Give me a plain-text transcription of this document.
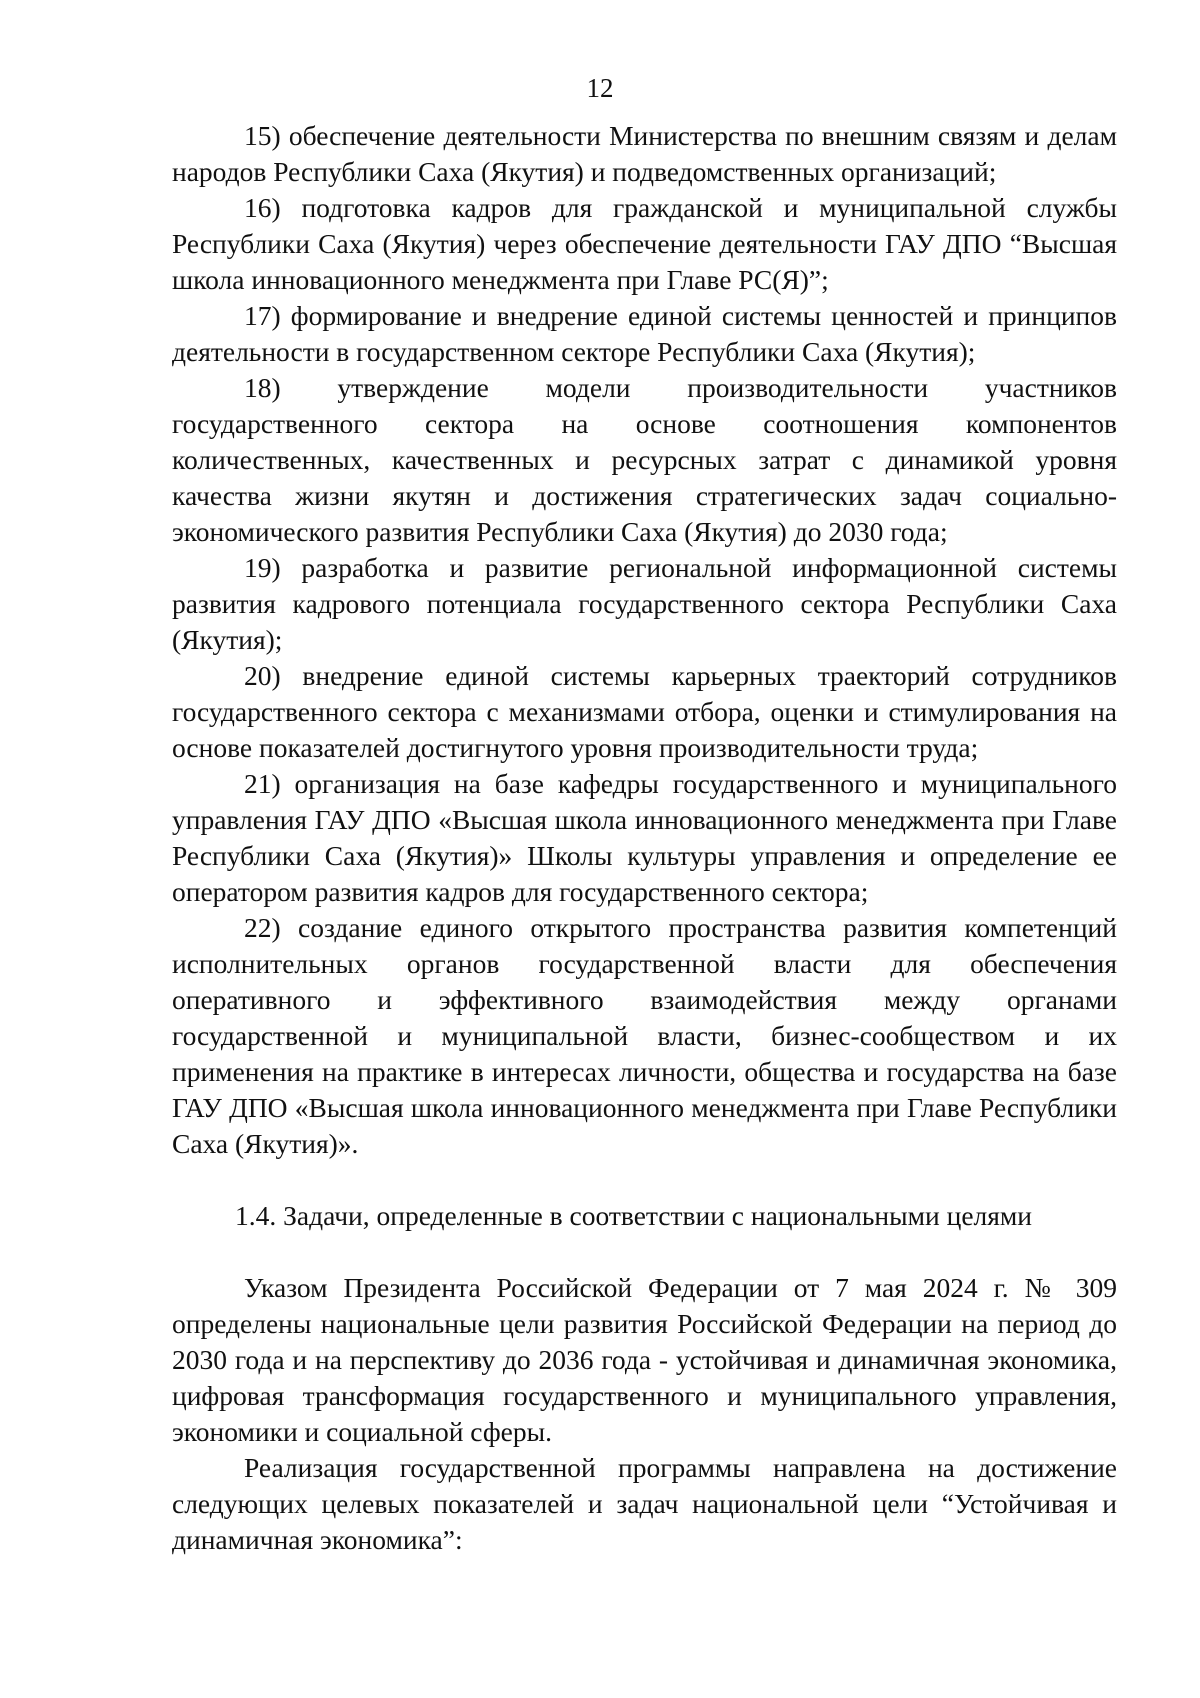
12

15) обеспечение деятельности Министерства по внешним связям и делам народов Республики Саха (Якутия) и подведомственных организаций;

16) подготовка кадров для гражданской и муниципальной службы Республики Саха (Якутия) через обеспечение деятельности ГАУ ДПО “Высшая школа инновационного менеджмента при Главе РС(Я)”;

17) формирование и внедрение единой системы ценностей и принципов деятельности в государственном секторе Республики Саха (Якутия);

18) утверждение модели производительности участников государственного сектора на основе соотношения компонентов количественных, качественных и ресурсных затрат с динамикой уровня качества жизни якутян и достижения стратегических задач социально-экономического развития Республики Саха (Якутия) до 2030 года;

19) разработка и развитие региональной информационной системы развития кадрового потенциала государственного сектора Республики Саха (Якутия);

20) внедрение единой системы карьерных траекторий сотрудников государственного сектора с механизмами отбора, оценки и стимулирования на основе показателей достигнутого уровня производительности труда;

21) организация на базе кафедры государственного и муниципального управления ГАУ ДПО «Высшая школа инновационного менеджмента при Главе Республики Саха (Якутия)» Школы культуры управления и определение ее оператором развития кадров для государственного сектора;

22) создание единого открытого пространства развития компетенций исполнительных органов государственной власти для обеспечения оперативного и эффективного взаимодействия между органами государственной и муниципальной власти, бизнес-сообществом и их применения на практике в интересах личности, общества и государства на базе ГАУ ДПО «Высшая школа инновационного менеджмента при Главе Республики Саха (Якутия)».

1.4. Задачи, определенные в соответствии с национальными целями

Указом Президента Российской Федерации от 7 мая 2024 г. № 309 определены национальные цели развития Российской Федерации на период до 2030 года и на перспективу до 2036 года - устойчивая и динамичная экономика, цифровая трансформация государственного и муниципального управления, экономики и социальной сферы.

Реализация государственной программы направлена на достижение следующих целевых показателей и задач национальной цели “Устойчивая и динамичная экономика”:
